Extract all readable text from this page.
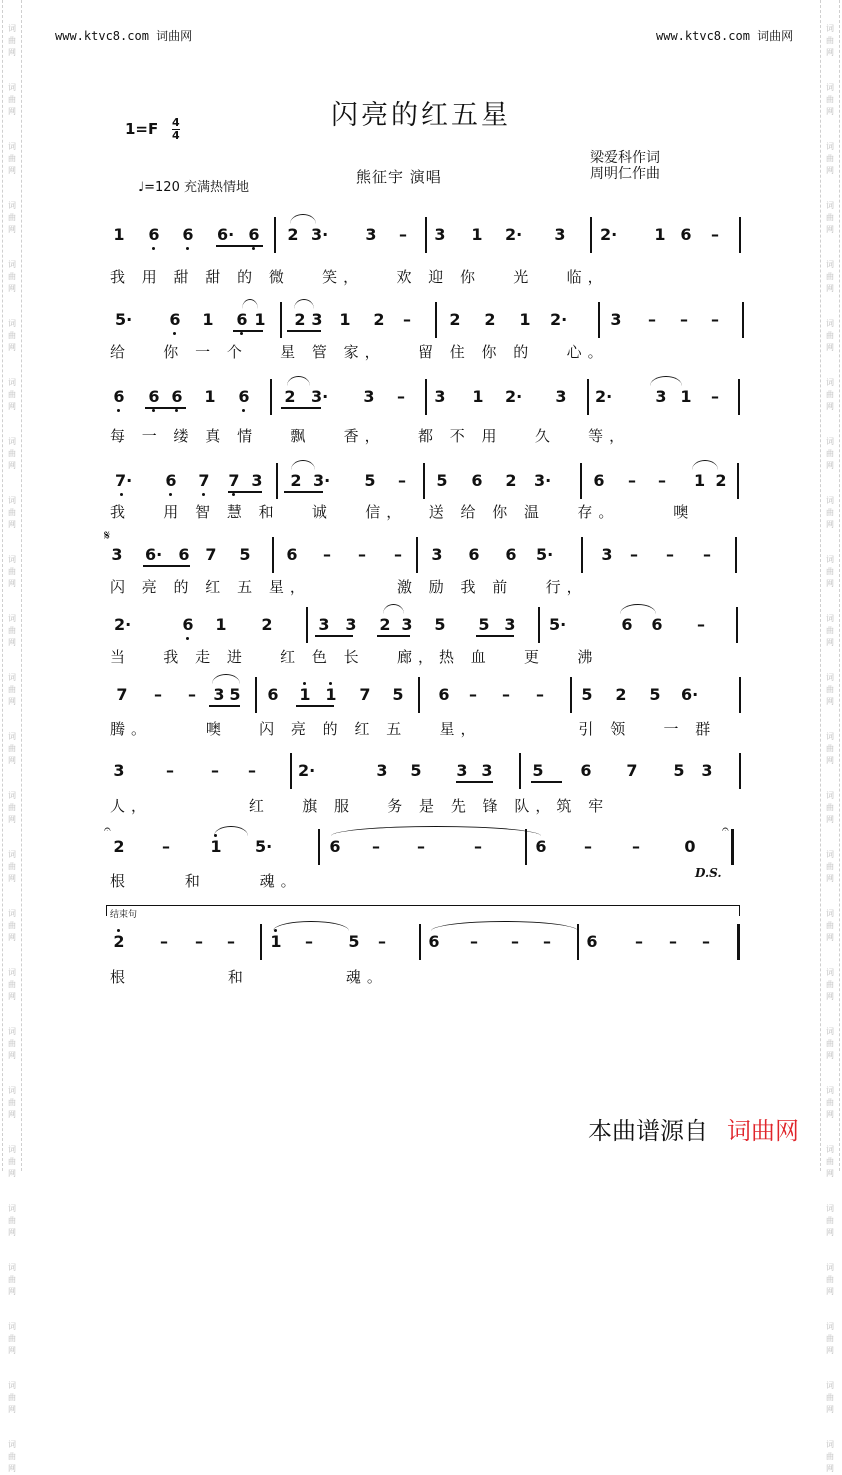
词
曲
网
词
曲
网
词
曲
网
词
曲
网
词
曲
网
词
曲
网
词
曲
网
词
曲
网
词
曲
网
词
曲
网
词
曲
网
词
曲
网
词
曲
网
词
曲
网
词
曲
网
词
曲
网
词
曲
网
词
曲
网
词
曲
网
词
曲
网
词
曲
网
词
曲
网
词
曲
网
词
曲
网
词
曲
网
词
曲
网
词
曲
网
词
曲
网
词
曲
网
词
曲
网
词
曲
网
词
曲
网
词
曲
网
词
曲
网
词
曲
网
词
曲
网
词
曲
网
词
曲
网
词
曲
网
词
曲
网
词
曲
网
词
曲
网
词
曲
网
词
曲
网
词
曲
网
词
曲
网
词
曲
网
词
曲
网
词
曲
网
词
曲
网
www.ktvc8.com 词曲网	www.ktvc8.com 词曲网
闪亮的红五星
1=F 4
4
♩=120 充满热情地
熊征宇 演唱
梁爱科作词
周明仁作曲
1 6 6 6· 6 2 3· 3 – 3 1 2· 3 2· 1 6 –
我 用 甜 甜 的 微   笑，   欢 迎 你   光   临，
5· 6 1 6 1 2 3 1 2 – 2 2 1 2·	3 – – –
给   你 一 个   星 管 家，   留 住 你 的   心。
6 6 6 1 6 2 3· 3 – 3 1 2· 3 2·	3 1 –
每 一 缕 真 情   飘   香，   都 不 用   久   等，
7· 6 7 7 3 2 3· 5 – 5 6 2 3·	6 – – 1 2
我   用 智 慧 和   诚   信，  送 给 你 温   存。     噢
3 6· 6 7 5 6 – – – 3 6 6 5·	3 – – –
闪 亮 的 红 五 星，        激 励 我 前   行，
2·	6 1 2	3 3 2 3 5 5 3 5·	6 6 –
当   我 走 进   红 色 长   廊，热 血   更   沸
7 – – 3 5 6 1 1 7 5 6 – – – 5 2 5 6·
腾。     噢   闪 亮 的 红 五   星，         引 领   一 群
3	– – –	2·	3 5 3 3 5 6 7 5 3
人，         红   旗 服   务 是 先 锋 队，筑 牢
2 –	1 5·	6 – –	–	6 –	–	0
根     和     魂。
2 – – – 1 – 5 –	6 – – – 6 – – –
根         和         魂。
𝄋
𝄐	𝄐
D.S.
结束句
本曲谱源自 词曲网
